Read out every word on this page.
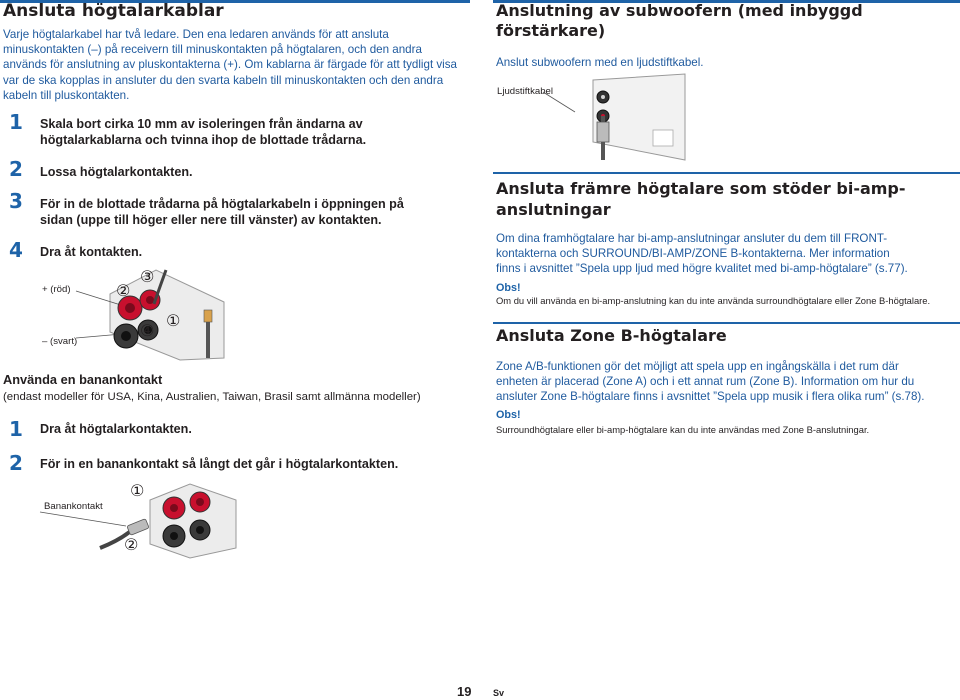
Ansluta högtalarkablar
Varje högtalarkabel har två ledare. Den ena ledaren används för att ansluta minuskontakten (–) på receivern till minuskontakten på högtalaren, och den andra används för anslutning av pluskontakterna (+). Om kablarna är färgade för att tydligt visa var de ska kopplas in ansluter du den svarta kabeln till minuskontakten och den andra kabeln till pluskontakten.
1 Skala bort cirka 10 mm av isoleringen från ändarna av högtalarkablarna och tvinna ihop de blottade trådarna.
2 Lossa högtalarkontakten.
3 För in de blottade trådarna på högtalarkabeln i öppningen på sidan (uppe till höger eller nere till vänster) av kontakten.
4 Dra åt kontakten.
+ (röd)
– (svart)
②
③
④
①
Använda en banankontakt
(endast modeller för USA, Kina, Australien, Taiwan, Brasil samt allmänna modeller)
1 Dra åt högtalarkontakten.
2 För in en banankontakt så långt det går i högtalarkontakten.
Banankontakt
①
②
Anslutning av subwoofern (med inbyggd förstärkare)
Anslut subwoofern med en ljudstiftkabel.
Ljudstiftkabel
Ansluta främre högtalare som stöder bi-amp-anslutningar
Om dina framhögtalare har bi-amp-anslutningar ansluter du dem till FRONT-kontakterna och SURROUND/BI-AMP/ZONE B-kontakterna. Mer information finns i avsnittet ”Spela upp ljud med högre kvalitet med bi-amp-högtalare” (s.77).
Obs!
Om du vill använda en bi-amp-anslutning kan du inte använda surroundhögtalare eller Zone B-högtalare.
Ansluta Zone B-högtalare
Zone A/B-funktionen gör det möjligt att spela upp en ingångskälla i det rum där enheten är placerad (Zone A) och i ett annat rum (Zone B). Information om hur du ansluter Zone B-högtalare finns i avsnittet ”Spela upp musik i flera olika rum” (s.78).
Obs!
Surroundhögtalare eller bi-amp-högtalare kan du inte användas med Zone B-anslutningar.
19 Sv
